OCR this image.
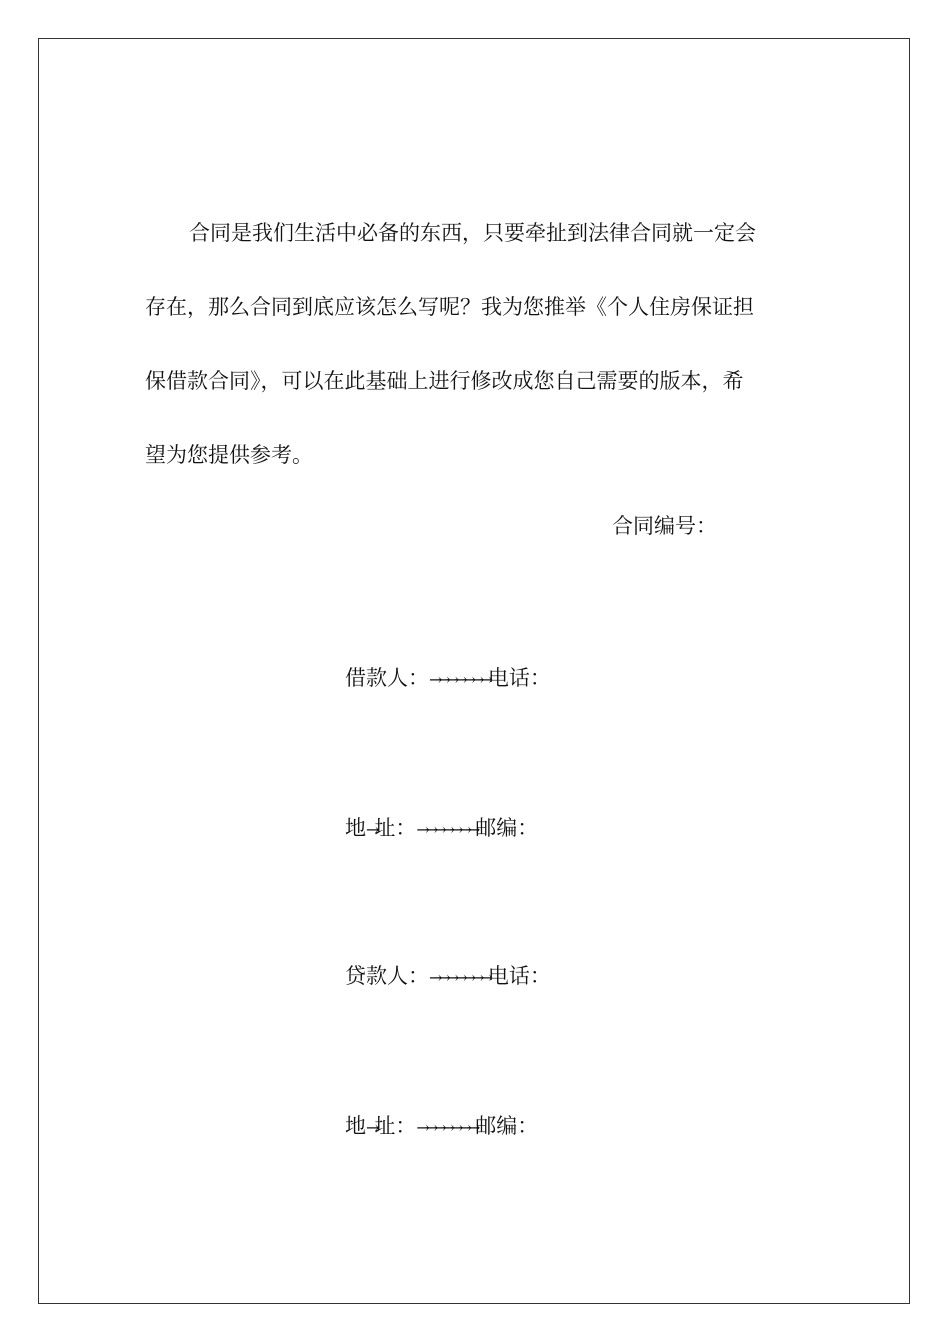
合同是我们生活中必备的东西，只要牵扯到法律合同就一定会
存在，那么合同到底应该怎么写呢？我为您推举《个人住房保证担
保借款合同》，可以在此基础上进行修改成您自己需要的版本，希
望为您提供参考。

合同编号：
借款人：→→→→→→→电话：
地→址：→→→→→→→邮编：
贷款人：→→→→→→→电话：
地→址：→→→→→→→邮编：
